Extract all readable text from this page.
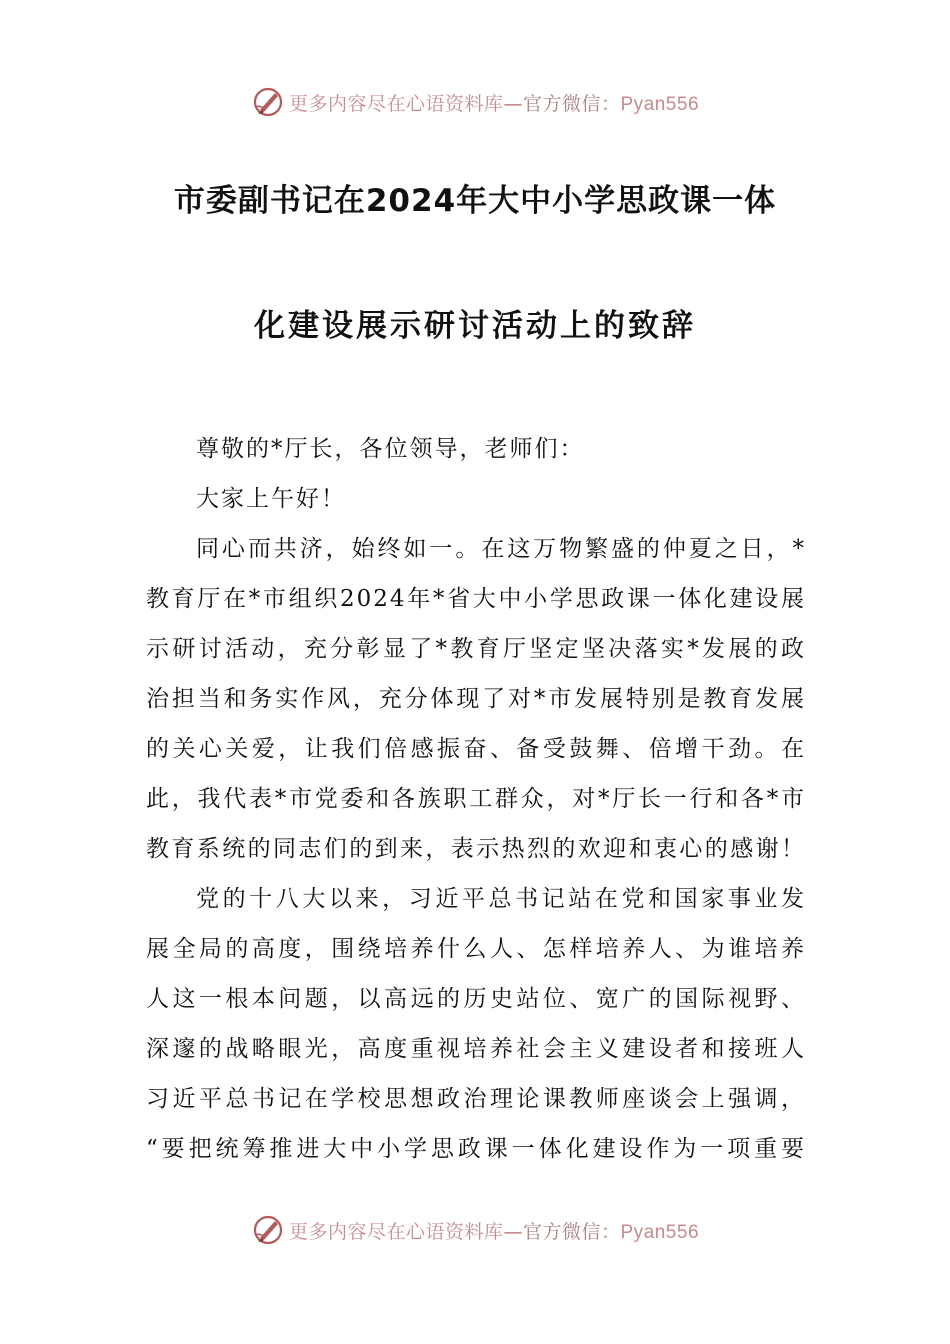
更多内容尽在心语资料库—官方微信：Pyan556
市委副书记在2024年大中小学思政课一体
化建设展示研讨活动上的致辞
尊敬的*厅长，各位领导，老师们：
大家上午好！
同心而共济，始终如一。在这万物繁盛的仲夏之日，*
教育厅在*市组织2024年*省大中小学思政课一体化建设展
示研讨活动，充分彰显了*教育厅坚定坚决落实*发展的政
治担当和务实作风，充分体现了对*市发展特别是教育发展
的关心关爱，让我们倍感振奋、备受鼓舞、倍增干劲。在
此，我代表*市党委和各族职工群众，对*厅长一行和各*市
教育系统的同志们的到来，表示热烈的欢迎和衷心的感谢！
党的十八大以来，习近平总书记站在党和国家事业发
展全局的高度，围绕培养什么人、怎样培养人、为谁培养
人这一根本问题，以高远的历史站位、宽广的国际视野、
深邃的战略眼光，高度重视培养社会主义建设者和接班人
习近平总书记在学校思想政治理论课教师座谈会上强调，
“要把统筹推进大中小学思政课一体化建设作为一项重要
更多内容尽在心语资料库—官方微信：Pyan556
